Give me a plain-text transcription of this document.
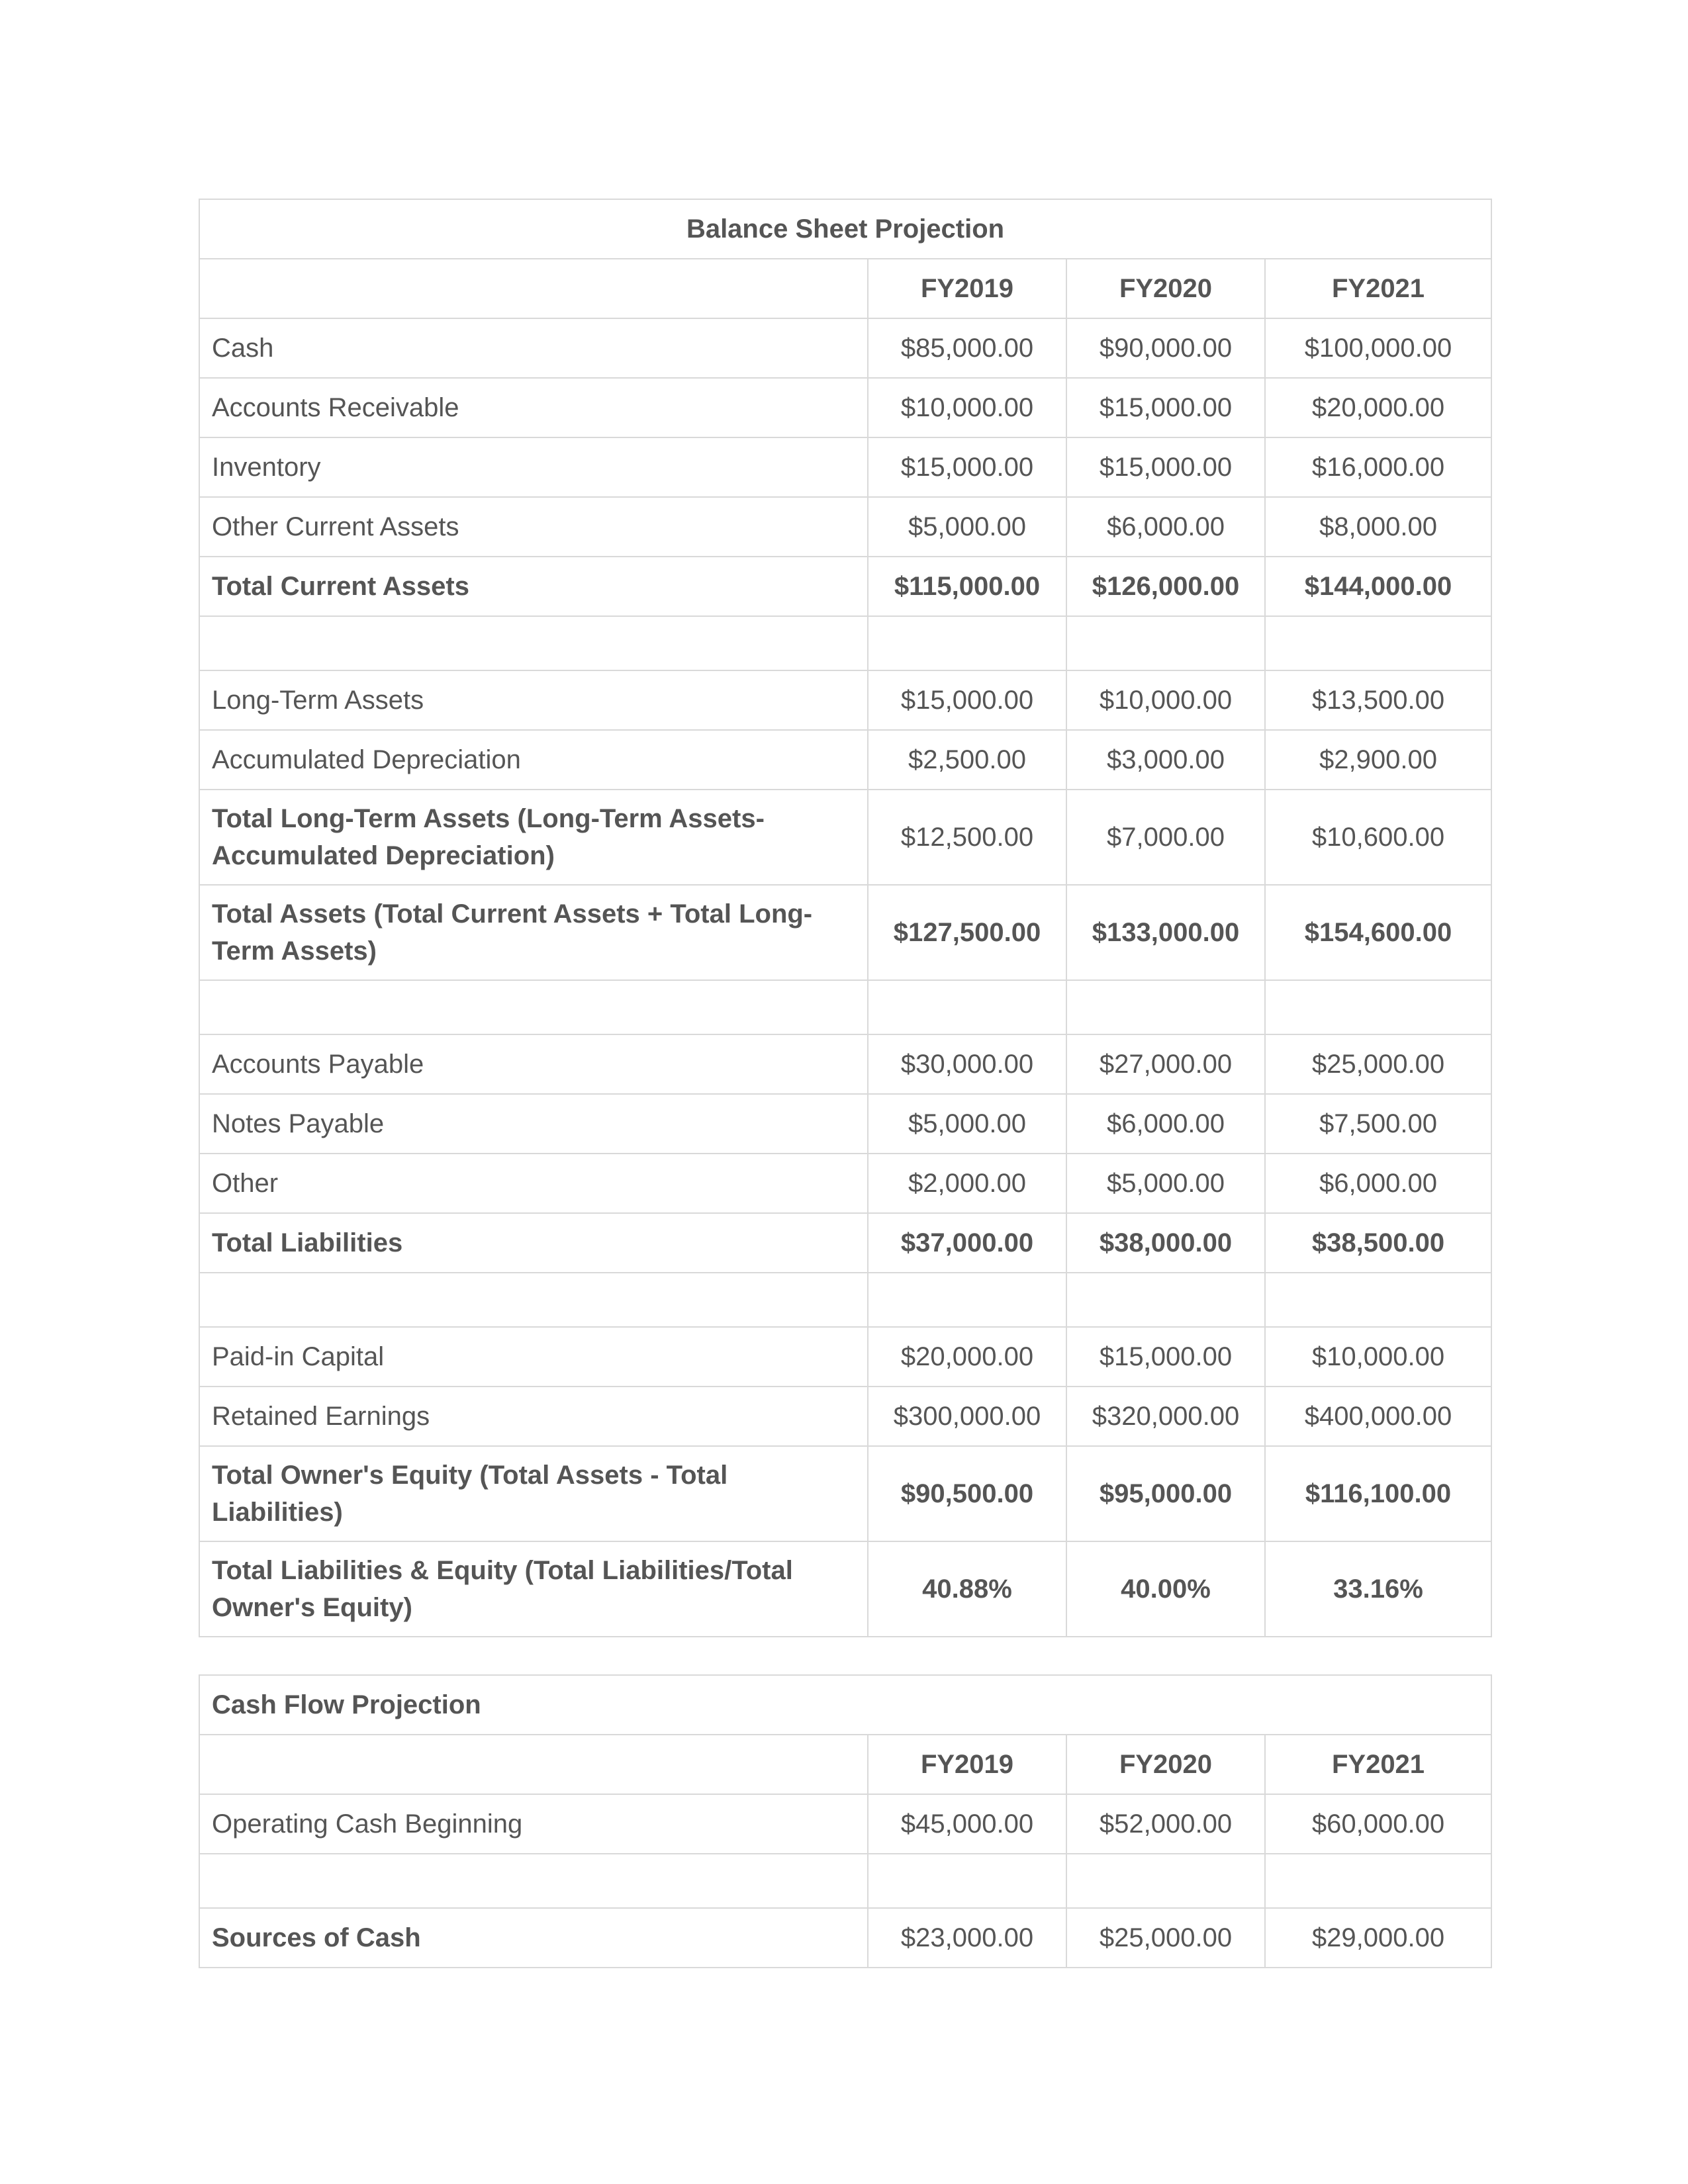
Balance Sheet Projection			
	FY2019	FY2020	FY2021
Cash	$85,000.00	$90,000.00	$100,000.00
Accounts Receivable	$10,000.00	$15,000.00	$20,000.00
Inventory	$15,000.00	$15,000.00	$16,000.00
Other Current Assets	$5,000.00	$6,000.00	$8,000.00
Total Current Assets	$115,000.00	$126,000.00	$144,000.00

Long-Term Assets	$15,000.00	$10,000.00	$13,500.00
Accumulated Depreciation	$2,500.00	$3,000.00	$2,900.00
Total Long-Term Assets (Long-Term Assets-Accumulated Depreciation)	$12,500.00	$7,000.00	$10,600.00
Total Assets (Total Current Assets + Total Long-Term Assets)	$127,500.00	$133,000.00	$154,600.00

Accounts Payable	$30,000.00	$27,000.00	$25,000.00
Notes Payable	$5,000.00	$6,000.00	$7,500.00
Other	$2,000.00	$5,000.00	$6,000.00
Total Liabilities	$37,000.00	$38,000.00	$38,500.00

Paid-in Capital	$20,000.00	$15,000.00	$10,000.00
Retained Earnings	$300,000.00	$320,000.00	$400,000.00
Total Owner's Equity (Total Assets - Total Liabilities)	$90,500.00	$95,000.00	$116,100.00
Total Liabilities & Equity (Total Liabilities/Total Owner's Equity)	40.88%	40.00%	33.16%
Cash Flow Projection			
	FY2019	FY2020	FY2021
Operating Cash Beginning	$45,000.00	$52,000.00	$60,000.00

Sources of Cash	$23,000.00	$25,000.00	$29,000.00
